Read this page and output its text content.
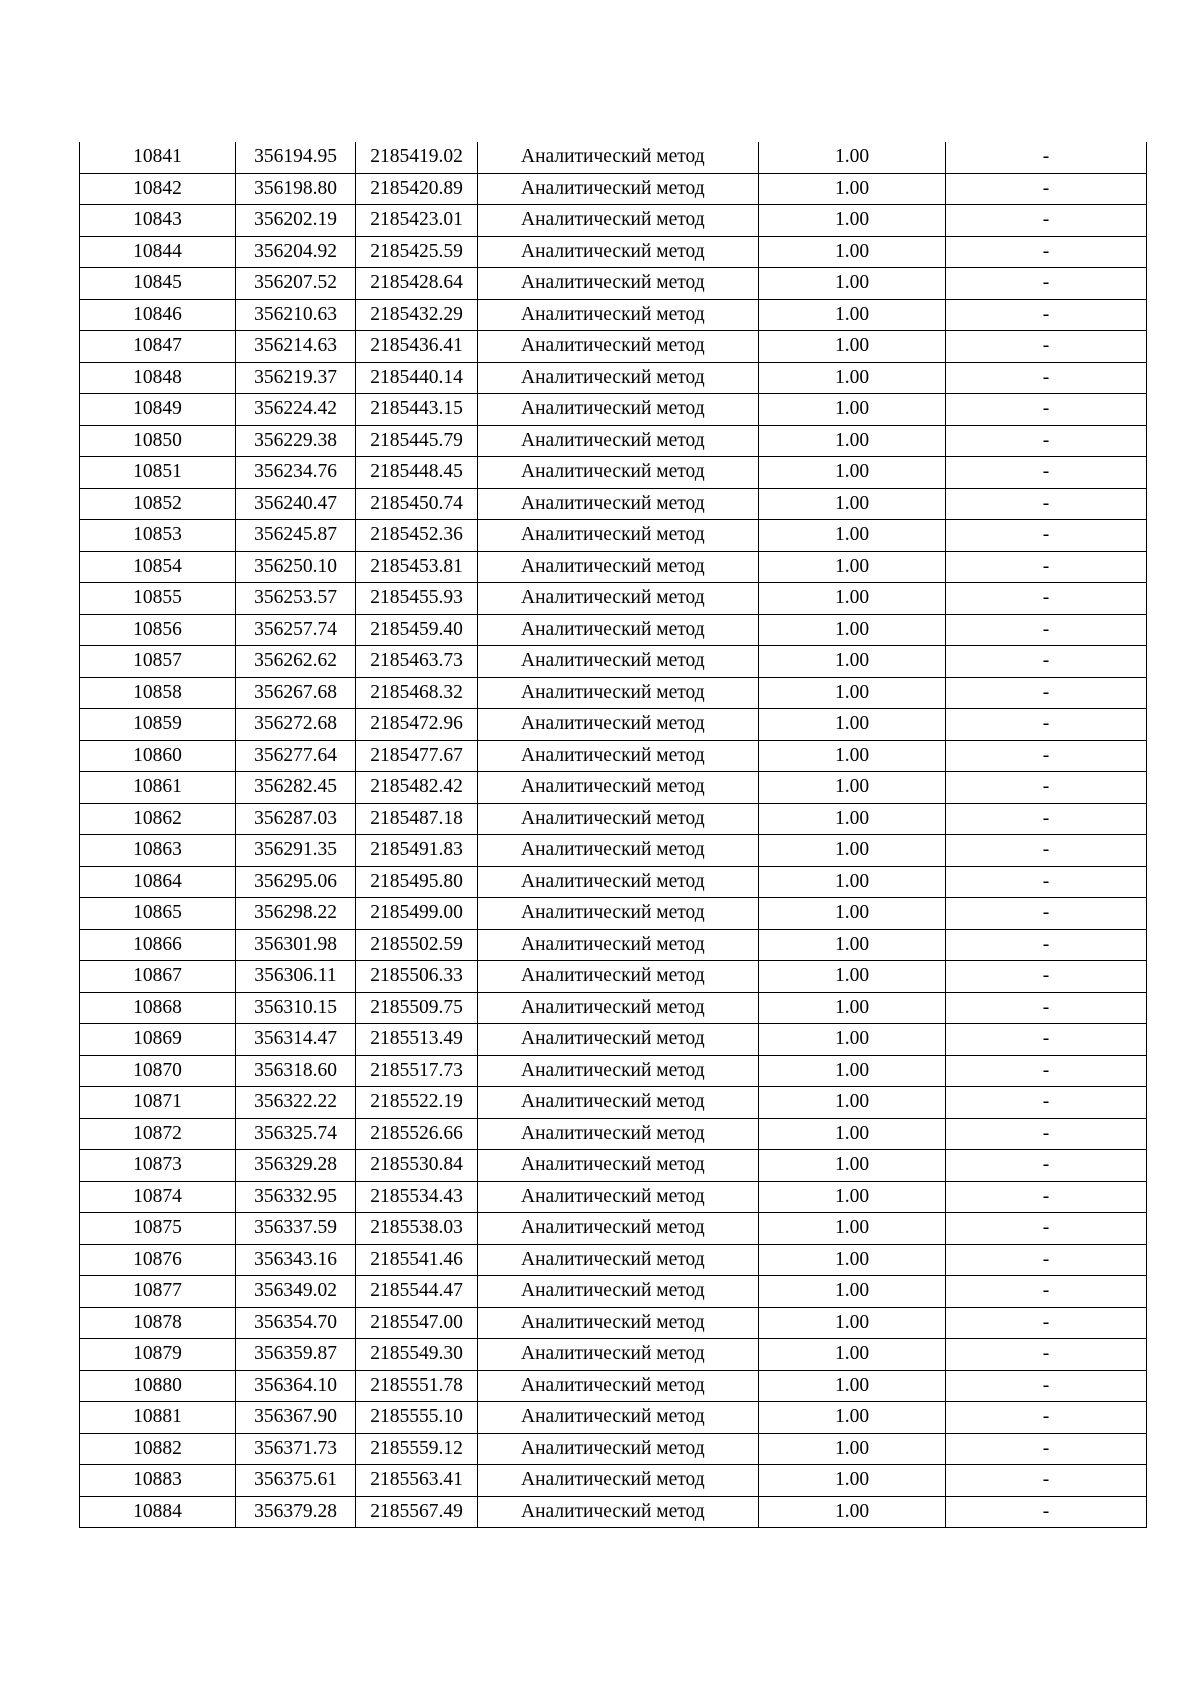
10841	356194.95	2185419.02	Аналитический метод	1.00	-
10842	356198.80	2185420.89	Аналитический метод	1.00	-
10843	356202.19	2185423.01	Аналитический метод	1.00	-
10844	356204.92	2185425.59	Аналитический метод	1.00	-
10845	356207.52	2185428.64	Аналитический метод	1.00	-
10846	356210.63	2185432.29	Аналитический метод	1.00	-
10847	356214.63	2185436.41	Аналитический метод	1.00	-
10848	356219.37	2185440.14	Аналитический метод	1.00	-
10849	356224.42	2185443.15	Аналитический метод	1.00	-
10850	356229.38	2185445.79	Аналитический метод	1.00	-
10851	356234.76	2185448.45	Аналитический метод	1.00	-
10852	356240.47	2185450.74	Аналитический метод	1.00	-
10853	356245.87	2185452.36	Аналитический метод	1.00	-
10854	356250.10	2185453.81	Аналитический метод	1.00	-
10855	356253.57	2185455.93	Аналитический метод	1.00	-
10856	356257.74	2185459.40	Аналитический метод	1.00	-
10857	356262.62	2185463.73	Аналитический метод	1.00	-
10858	356267.68	2185468.32	Аналитический метод	1.00	-
10859	356272.68	2185472.96	Аналитический метод	1.00	-
10860	356277.64	2185477.67	Аналитический метод	1.00	-
10861	356282.45	2185482.42	Аналитический метод	1.00	-
10862	356287.03	2185487.18	Аналитический метод	1.00	-
10863	356291.35	2185491.83	Аналитический метод	1.00	-
10864	356295.06	2185495.80	Аналитический метод	1.00	-
10865	356298.22	2185499.00	Аналитический метод	1.00	-
10866	356301.98	2185502.59	Аналитический метод	1.00	-
10867	356306.11	2185506.33	Аналитический метод	1.00	-
10868	356310.15	2185509.75	Аналитический метод	1.00	-
10869	356314.47	2185513.49	Аналитический метод	1.00	-
10870	356318.60	2185517.73	Аналитический метод	1.00	-
10871	356322.22	2185522.19	Аналитический метод	1.00	-
10872	356325.74	2185526.66	Аналитический метод	1.00	-
10873	356329.28	2185530.84	Аналитический метод	1.00	-
10874	356332.95	2185534.43	Аналитический метод	1.00	-
10875	356337.59	2185538.03	Аналитический метод	1.00	-
10876	356343.16	2185541.46	Аналитический метод	1.00	-
10877	356349.02	2185544.47	Аналитический метод	1.00	-
10878	356354.70	2185547.00	Аналитический метод	1.00	-
10879	356359.87	2185549.30	Аналитический метод	1.00	-
10880	356364.10	2185551.78	Аналитический метод	1.00	-
10881	356367.90	2185555.10	Аналитический метод	1.00	-
10882	356371.73	2185559.12	Аналитический метод	1.00	-
10883	356375.61	2185563.41	Аналитический метод	1.00	-
10884	356379.28	2185567.49	Аналитический метод	1.00	-
